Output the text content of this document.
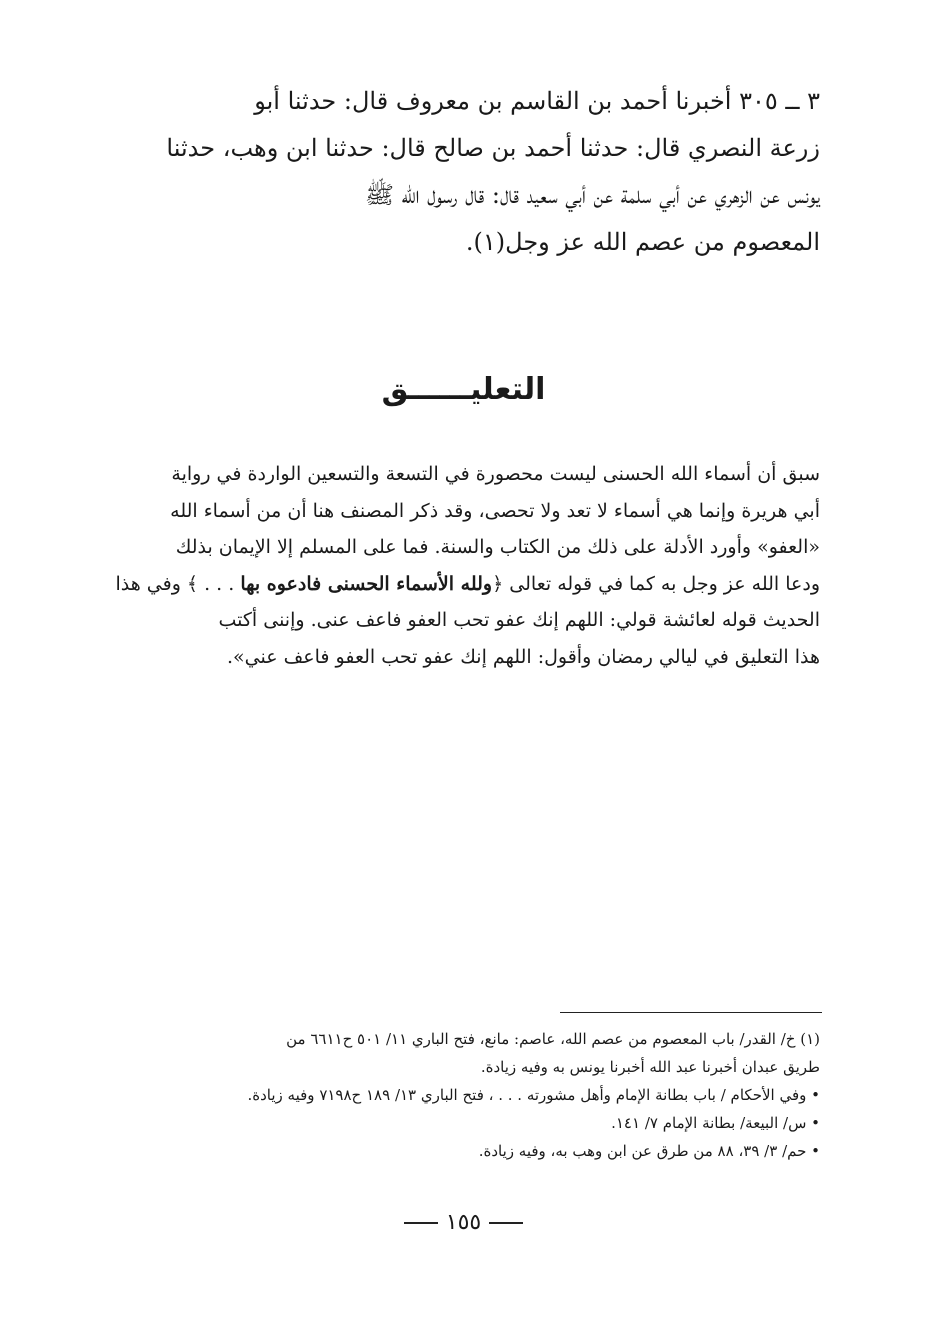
٣ ــ ٣٠٥ أخبرنا أحمد بن القاسم بن معروف قال: حدثنا أبو
زرعة النصري قال: حدثنا أحمد بن صالح قال: حدثنا ابن وهب، حدثنا
يونس عن الزهري عن أبي سلمة عن أبي سعيد قال: قال رسول الله ﷺ
المعصوم من عصم الله عز وجل(١).
التعليــــــق
سبق أن أسماء الله الحسنى ليست محصورة في التسعة والتسعين الواردة في رواية
أبي هريرة وإنما هي أسماء لا تعد ولا تحصى، وقد ذكر المصنف هنا أن من أسماء الله
«العفو» وأورد الأدلة على ذلك من الكتاب والسنة. فما على المسلم إلا الإيمان بذلك
ودعا الله عز وجل به كما في قوله تعالى ﴿ولله الأسماء الحسنى فادعوه بها . . . ﴾ وفي هذا
الحديث قوله لعائشة قولي: اللهم إنك عفو تحب العفو فاعف عنى. وإننى أكتب
هذا التعليق في ليالي رمضان وأقول: اللهم إنك عفو تحب العفو فاعف عني».
(١) خ/ القدر/ باب المعصوم من عصم الله، عاصم: مانع، فتح الباري ١١/ ٥٠١ ح٦٦١١ من
طريق عبدان أخبرنا عبد الله أخبرنا يونس به وفيه زيادة.
• وفي الأحكام / باب بطانة الإمام وأهل مشورته . . . ، فتح الباري ١٣/ ١٨٩ ح٧١٩٨ وفيه زيادة.
• س/ البيعة/ بطانة الإمام ٧/ ١٤١.
• حم/ ٣/ ٣٩، ٨٨ من طرق عن ابن وهب به، وفيه زيادة.
١٥٥
